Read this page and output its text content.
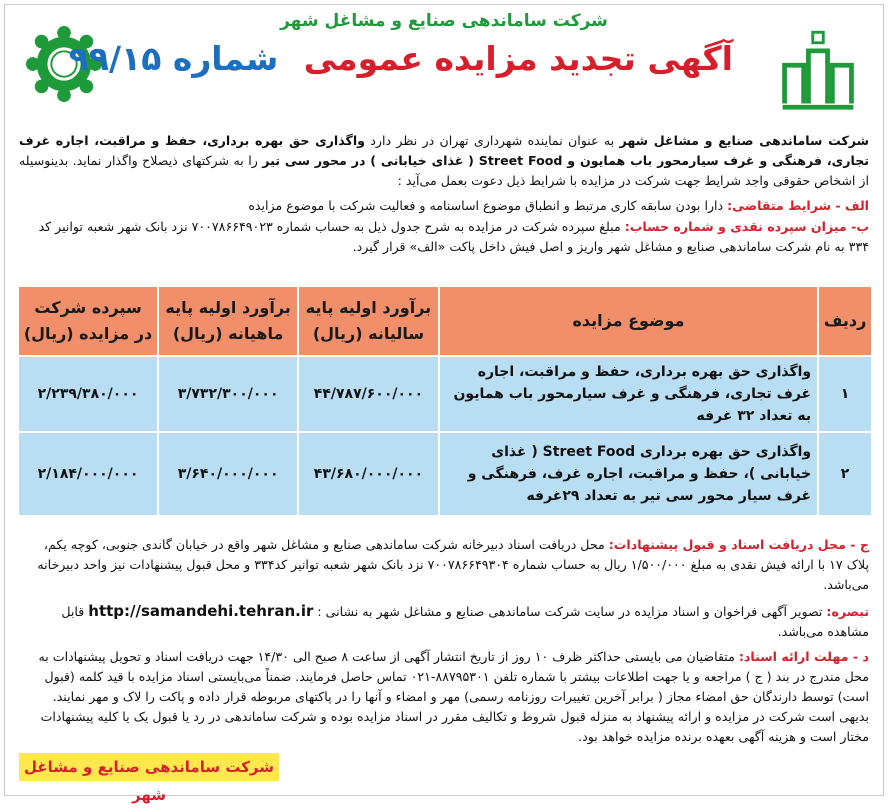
شرکت ساماندهی صنایع و مشاغل شهر
آگهی تجدید مزایده عمومی شماره ۹۹/۱۵
شرکت ساماندهی صنایع و مشاغل شهر به عنوان نماینده شهرداری تهران در نظر دارد واگذاری حق بهره برداری، حفظ و مراقبت، اجاره غرف تجاری، فرهنگی و غرف سیارمحور باب همایون و Street Food ( غذای خیابانی ) در محور سی تیر را به شرکتهای ذیصلاح واگذار نماید. بدینوسیله از اشخاص حقوقی واجد شرایط جهت شرکت در مزایده با شرایط ذیل دعوت بعمل می‌آید :
الف - شرایط متقاضی: دارا بودن سابقه کاری مرتبط و انطباق موضوع اساسنامه و فعالیت شرکت با موضوع مزایده
ب- میزان سپرده نقدی و شماره حساب: مبلغ سپرده شرکت در مزایده به شرح جدول ذیل به حساب شماره ۷۰۰۷۸۶۶۴۹۰۲۳ نزد بانک شهر شعبه توانیر کد ۳۳۴ به نام شرکت ساماندهی صنایع و مشاغل شهر واریز و اصل فیش داخل پاکت «الف» قرار گیرد.
ردیف	موضوع مزایده	برآورد اولیه پایه سالیانه (ریال)	برآورد اولیه پایه ماهیانه (ریال)	سپرده شرکت در مزایده (ریال)
۱	واگذاری حق بهره برداری، حفظ و مراقبت، اجاره غرف تجاری، فرهنگی و غرف سیارمحور باب همایون به تعداد ۳۲ غرفه	۴۴/۷۸۷/۶۰۰/۰۰۰	۳/۷۳۲/۳۰۰/۰۰۰	۲/۲۳۹/۳۸۰/۰۰۰
۲	واگذاری حق بهره برداری Street Food ( غذای خیابانی )، حفظ و مراقبت، اجاره غرف، فرهنگی و غرف سیار محور سی تیر به تعداد ۲۹غرفه	۴۳/۶۸۰/۰۰۰/۰۰۰	۳/۶۴۰/۰۰۰/۰۰۰	۲/۱۸۴/۰۰۰/۰۰۰
ج - محل دریافت اسناد و قبول پیشنهادات: محل دریافت اسناد دبیرخانه شرکت ساماندهی صنایع و مشاغل شهر واقع در خیابان گاندی جنوبی، کوچه یکم، پلاک ۱۷ با ارائه فیش نقدی به مبلغ ۱/۵۰۰/۰۰۰ ریال به حساب شماره ۷۰۰۷۸۶۶۴۹۳۰۴ نزد بانک شهر شعبه توانیر کد۳۳۴ و محل قبول پیشنهادات نیز واحد دبیرخانه می‌باشد.
تبصره: تصویر آگهی فراخوان و اسناد مزایده در سایت شرکت ساماندهی صنایع و مشاغل شهر به نشانی : http://samandehi.tehran.ir قابل مشاهده می‌باشد.
د - مهلت ارائه اسناد: متقاضیان می بایستی حداکثر ظرف ۱۰ روز از تاریخ انتشار آگهی از ساعت ۸ صبح الی ۱۴/۳۰ جهت دریافت اسناد و تحویل پیشنهادات به محل مندرج در بند ( ج ) مراجعه و یا جهت اطلاعات بیشتر با شماره تلفن ۸۸۷۹۵۳۰۱-۰۲۱ تماس حاصل فرمایند. ضمناً می‌بایستی اسناد مزایده با قید کلمه (قبول است) توسط دارندگان حق امضاء مجاز ( برابر آخرین تغییرات روزنامه رسمی) مهر و امضاء و آنها را در پاکتهای مربوطه قرار داده و پاکت را لاک و مهر نمایند. بدیهی است شرکت در مزایده و ارائه پیشنهاد به منزله قبول شروط و تکالیف مقرر در اسناد مزایده بوده و شرکت ساماندهی در رد یا قبول یک یا کلیه پیشنهادات مختار است و هزینه آگهی بعهده برنده مزایده خواهد بود.
شرکت ساماندهی صنایع و مشاغل شهر
